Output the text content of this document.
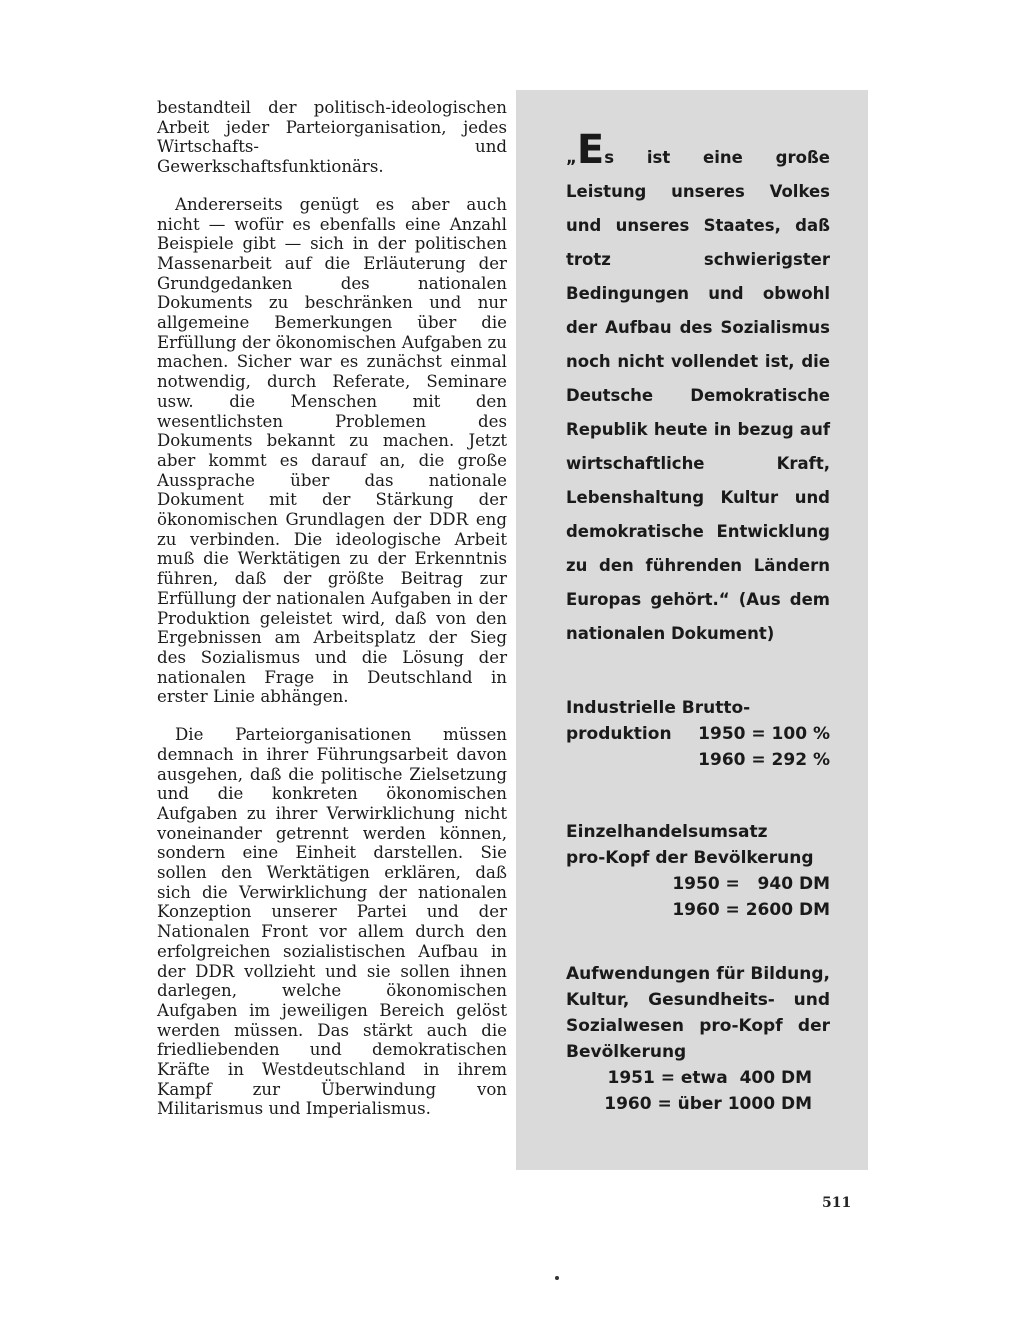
bestandteil der politisch-ideologischen Arbeit jeder Parteiorganisation, jedes Wirtschafts- und Gewerkschaftsfunktionärs.

Andererseits genügt es aber auch nicht — wofür es ebenfalls eine Anzahl Beispiele gibt — sich in der politischen Massenarbeit auf die Erläuterung der Grundgedanken des nationalen Dokuments zu beschränken und nur allgemeine Bemerkungen über die Erfüllung der ökonomischen Aufgaben zu machen. Sicher war es zunächst einmal notwendig, durch Referate, Seminare usw. die Menschen mit den wesentlichsten Problemen des Dokuments bekannt zu machen. Jetzt aber kommt es darauf an, die große Aussprache über das nationale Dokument mit der Stärkung der ökonomischen Grundlagen der DDR eng zu verbinden. Die ideologische Arbeit muß die Werktätigen zu der Erkenntnis führen, daß der größte Beitrag zur Erfüllung der nationalen Aufgaben in der Produktion geleistet wird, daß von den Ergebnissen am Arbeitsplatz der Sieg des Sozialismus und die Lösung der nationalen Frage in Deutschland in erster Linie abhängen.

Die Parteiorganisationen müssen demnach in ihrer Führungsarbeit davon ausgehen, daß die politische Zielsetzung und die konkreten ökonomischen Aufgaben zu ihrer Verwirklichung nicht voneinander getrennt werden können, sondern eine Einheit darstellen. Sie sollen den Werktätigen erklären, daß sich die Verwirklichung der nationalen Konzeption unserer Partei und der Nationalen Front vor allem durch den erfolgreichen sozialistischen Aufbau in der DDR vollzieht und sie sollen ihnen darlegen, welche ökonomischen Aufgaben im jeweiligen Bereich gelöst werden müssen. Das stärkt auch die friedliebenden und demokratischen Kräfte in Westdeutschland in ihrem Kampf zur Überwindung von Militarismus und Imperialismus.

„Es ist eine große Leistung unseres Volkes und unseres Staates, daß trotz schwierigster Bedingungen und obwohl der Aufbau des Sozialismus noch nicht vollendet ist, die Deutsche Demokratische Republik heute in bezug auf wirtschaftliche Kraft, Lebenshaltung Kultur und demokratische Entwicklung zu den führenden Ländern Europas gehört.“ (Aus dem nationalen Dokument)

Industrielle Brutto-
produktion 1950 = 100 %
1960 = 292 %
Einzelhandelsumsatz
pro-Kopf der Bevölkerung
1950 =   940 DM
1960 = 2600 DM
Aufwendungen für Bildung, Kultur, Gesundheits- und Sozialwesen pro-Kopf der Bevölkerung
1951 = etwa  400 DM
1960 = über 1000 DM
511
